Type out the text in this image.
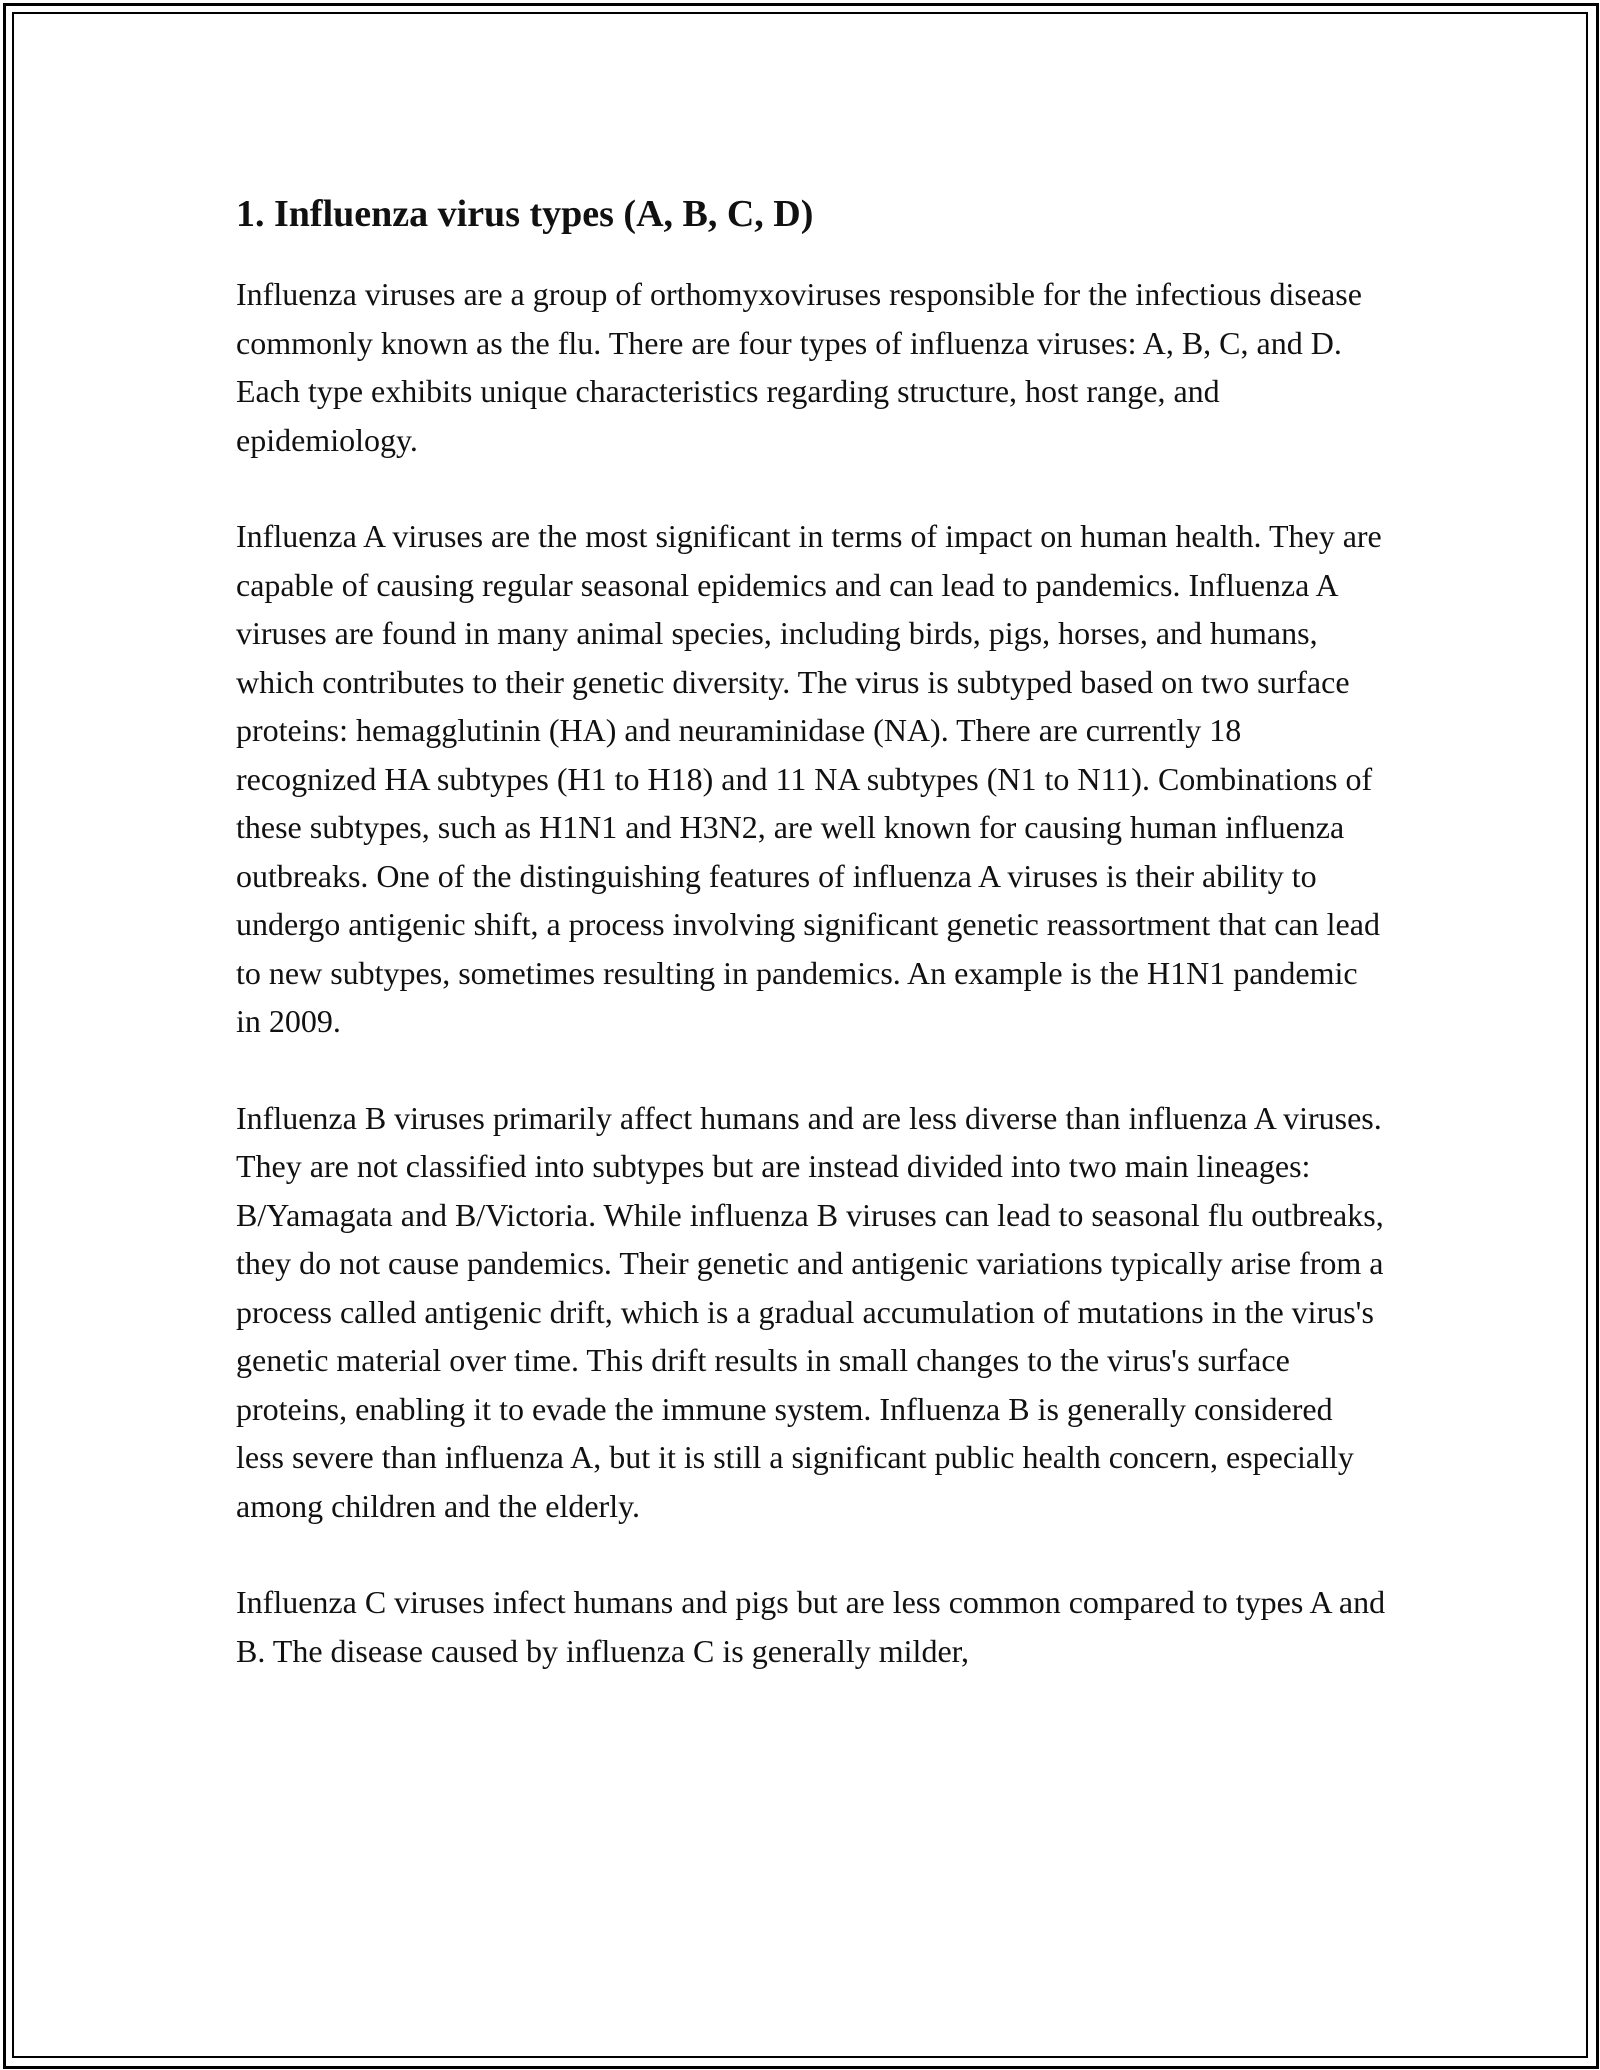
1. Influenza virus types (A, B, C, D)

Influenza viruses are a group of orthomyxoviruses responsible for the infectious disease commonly known as the flu. There are four types of influenza viruses: A, B, C, and D. Each type exhibits unique characteristics regarding structure, host range, and epidemiology.

Influenza A viruses are the most significant in terms of impact on human health. They are capable of causing regular seasonal epidemics and can lead to pandemics. Influenza A viruses are found in many animal species, including birds, pigs, horses, and humans, which contributes to their genetic diversity. The virus is subtyped based on two surface proteins: hemagglutinin (HA) and neuraminidase (NA). There are currently 18 recognized HA subtypes (H1 to H18) and 11 NA subtypes (N1 to N11). Combinations of these subtypes, such as H1N1 and H3N2, are well known for causing human influenza outbreaks. One of the distinguishing features of influenza A viruses is their ability to undergo antigenic shift, a process involving significant genetic reassortment that can lead to new subtypes, sometimes resulting in pandemics. An example is the H1N1 pandemic in 2009.

Influenza B viruses primarily affect humans and are less diverse than influenza A viruses. They are not classified into subtypes but are instead divided into two main lineages: B/Yamagata and B/Victoria. While influenza B viruses can lead to seasonal flu outbreaks, they do not cause pandemics. Their genetic and antigenic variations typically arise from a process called antigenic drift, which is a gradual accumulation of mutations in the virus's genetic material over time. This drift results in small changes to the virus's surface proteins, enabling it to evade the immune system. Influenza B is generally considered less severe than influenza A, but it is still a significant public health concern, especially among children and the elderly.

Influenza C viruses infect humans and pigs but are less common compared to types A and B. The disease caused by influenza C is generally milder,
